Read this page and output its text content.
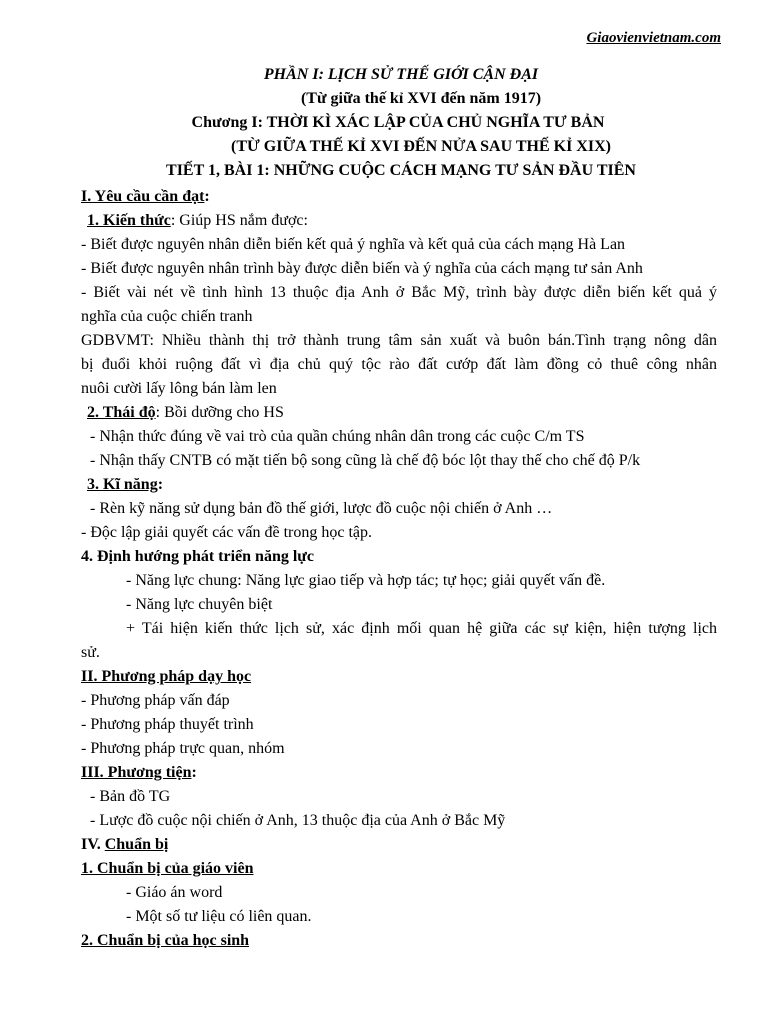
Giaovienvietnam.com
PHẦN I: LỊCH SỬ THẾ GIỚI CẬN ĐẠI
(Từ giữa thế kỉ XVI đến năm 1917)
Chương I: THỜI KÌ XÁC LẬP CỦA CHỦ NGHĨA TƯ BẢN
(TỪ GIỮA THẾ KỈ XVI ĐẾN NỬA SAU THẾ KỈ XIX)
TIẾT 1, BÀI 1: NHỮNG CUỘC CÁCH MẠNG TƯ SẢN ĐẦU TIÊN
I. Yêu cầu cần đạt:
1. Kiến thức: Giúp HS nắm được:
- Biết được nguyên nhân diễn biến kết quả ý nghĩa và kết quả của cách mạng Hà Lan
- Biết được nguyên nhân trình bày được diễn biến và ý nghĩa của cách mạng tư sản Anh
- Biết vài nét về tình hình 13 thuộc địa Anh ở Bắc Mỹ, trình bày được diễn biến kết quả ý
nghĩa của cuộc chiến tranh
GDBVMT: Nhiều thành thị trở thành trung tâm sản xuất và buôn bán.Tình trạng nông dân
bị đuổi khỏi ruộng đất vì địa chủ quý tộc rào đất cướp đất làm đồng cỏ thuê công nhân
nuôi cười lấy lông bán làm len
2. Thái độ: Bồi dưỡng cho HS
- Nhận thức đúng về vai trò của quần chúng nhân dân trong các cuộc C/m TS
- Nhận thấy CNTB có mặt tiến bộ song cũng là chế độ bóc lột thay thế cho chế độ P/k
3. Kĩ năng:
- Rèn kỹ năng sử dụng bản đồ thế giới, lược đồ cuộc nội chiến ở Anh …
- Độc lập giải quyết các vấn đề trong học tập.
4. Định hướng phát triển năng lực
- Năng lực chung: Năng lực giao tiếp và hợp tác; tự học; giải quyết vấn đề.
- Năng lực chuyên biệt
+ Tái hiện kiến thức lịch sử, xác định mối quan hệ giữa các sự kiện, hiện tượng lịch
sử.
II. Phương pháp dạy học
- Phương pháp vấn đáp
- Phương pháp thuyết trình
- Phương pháp trực quan, nhóm
III. Phương tiện:
- Bản đồ TG
- Lược đồ cuộc nội chiến ở Anh, 13 thuộc địa của Anh ở Bắc Mỹ
IV. Chuẩn bị
1. Chuẩn bị của giáo viên
- Giáo án word
- Một số tư liệu có liên quan.
2. Chuẩn bị của học sinh
